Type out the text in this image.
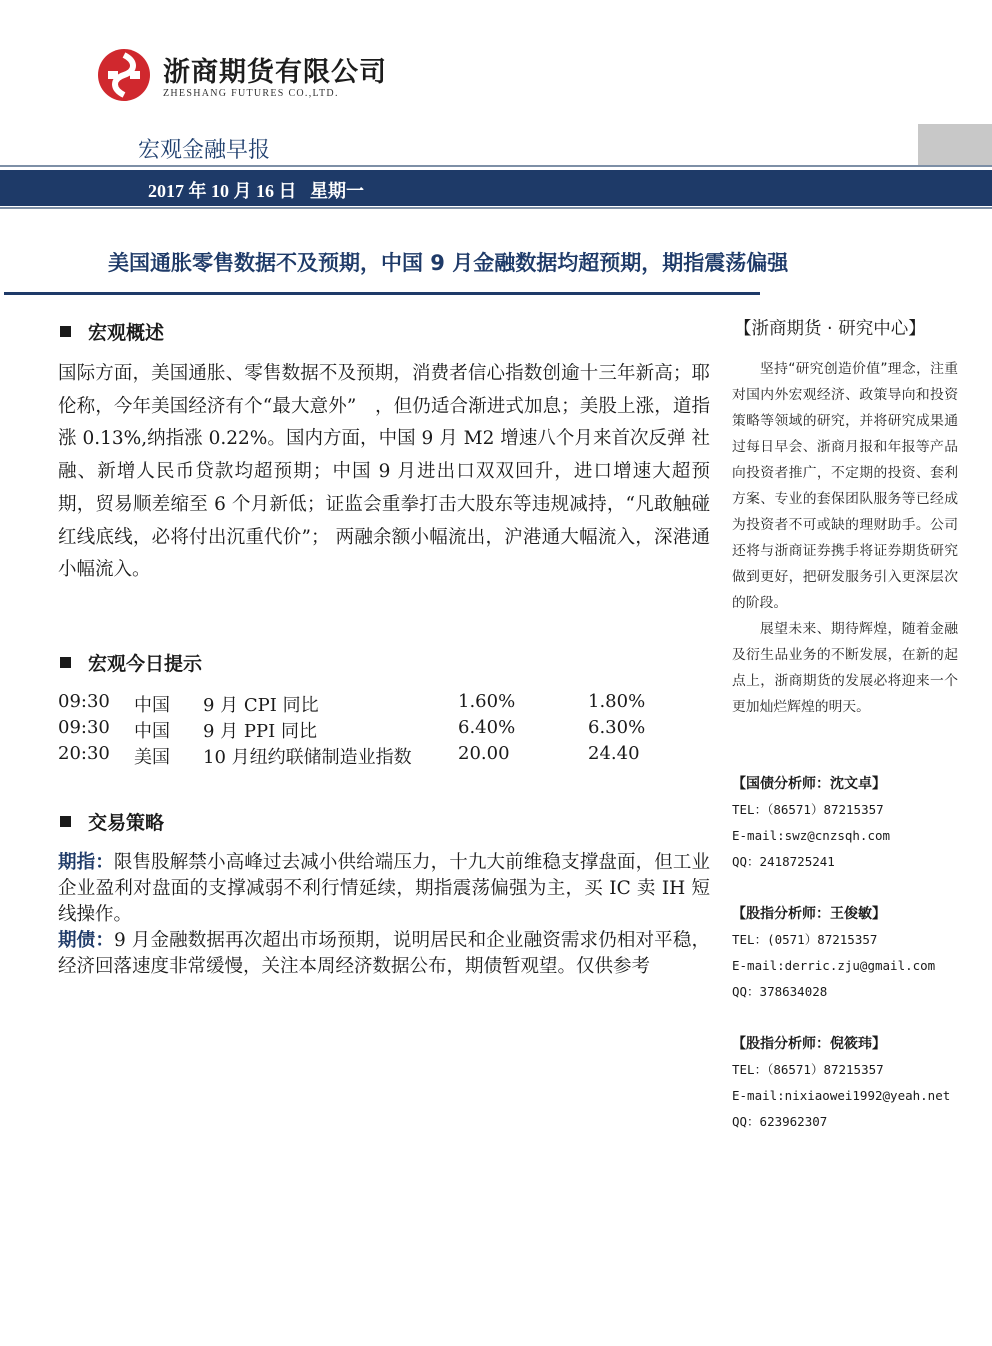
浙商期货有限公司
ZHESHANG FUTURES CO.,LTD.
宏观金融早报
2017 年 10 月 16 日 星期一
美国通胀零售数据不及预期，中国 9 月金融数据均超预期，期指震荡偏强
宏观概述
国际方面，美国通胀、零售数据不及预期，消费者信心指数创逾十三年新高；耶伦称，今年美国经济有个“最大意外”　，但仍适合渐进式加息；美股上涨，道指涨 0.13%,纳指涨 0.22%。国内方面，中国 9 月 M2 增速八个月来首次反弹 社融、新增人民币贷款均超预期；中国 9 月进出口双双回升，进口增速大超预期，贸易顺差缩至 6 个月新低；证监会重拳打击大股东等违规减持，“凡敢触碰红线底线，必将付出沉重代价”； 两融余额小幅流出，沪港通大幅流入，深港通小幅流入。
宏观今日提示
09:30 中国 9 月 CPI 同比	1.60%	1.80%
09:30 中国 9 月 PPI 同比	6.40%	6.30%
20:30 美国 10 月纽约联储制造业指数	20.00	24.40
交易策略
期指：限售股解禁小高峰过去减小供给端压力，十九大前维稳支撑盘面，但工业企业盈利对盘面的支撑减弱不利行情延续，期指震荡偏强为主，买 IC 卖 IH 短线操作。
期债：9 月金融数据再次超出市场预期，说明居民和企业融资需求仍相对平稳，经济回落速度非常缓慢，关注本周经济数据公布，期债暂观望。仅供参考
【浙商期货 · 研究中心】

坚持“研究创造价值”理念，注重对国内外宏观经济、政策导向和投资策略等领域的研究，并将研究成果通过每日早会、浙商月报和年报等产品向投资者推广，不定期的投资、套利方案、专业的套保团队服务等已经成为投资者不可或缺的理财助手。公司还将与浙商证券携手将证券期货研究做到更好，把研发服务引入更深层次的阶段。

展望未来、期待辉煌，随着金融及衍生品业务的不断发展，在新的起点上，浙商期货的发展必将迎来一个更加灿烂辉煌的明天。

【国债分析师：沈文卓】
TEL：（86571）87215357
E-mail:swz@cnzsqh.com
QQ：2418725241
【股指分析师：王俊敏】
TEL：(0571）87215357
E-mail:derric.zju@gmail.com
QQ：378634028
【股指分析师：倪筱玮】
TEL：（86571）87215357
E-mail:nixiaowei1992@yeah.net
QQ：623962307
